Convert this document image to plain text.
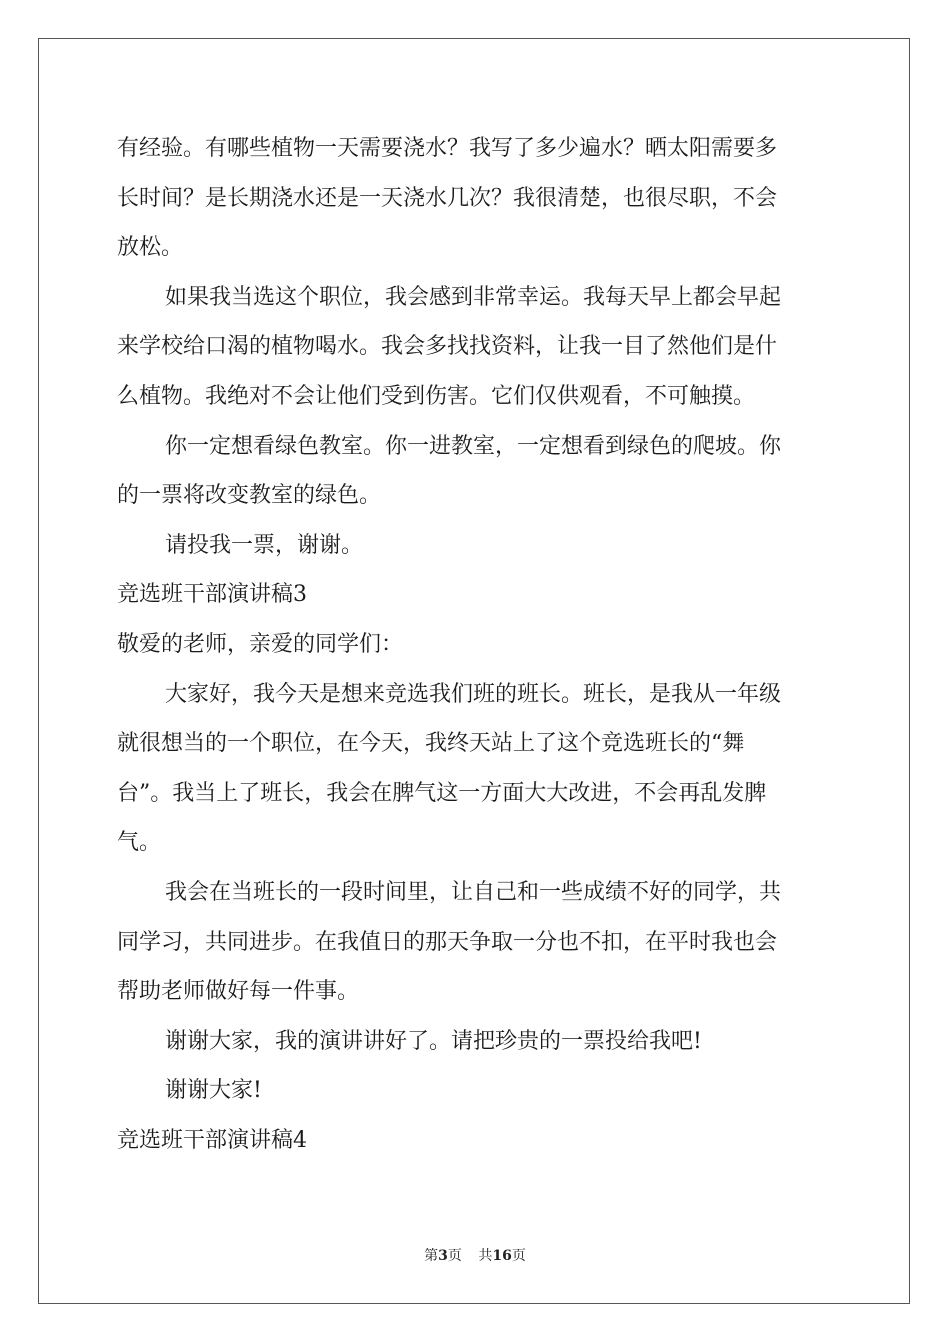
有经验。有哪些植物一天需要浇水？我写了多少遍水？晒太阳需要多
长时间？是长期浇水还是一天浇水几次？我很清楚，也很尽职，不会
放松。
如果我当选这个职位，我会感到非常幸运。我每天早上都会早起
来学校给口渴的植物喝水。我会多找找资料，让我一目了然他们是什
么植物。我绝对不会让他们受到伤害。它们仅供观看，不可触摸。
你一定想看绿色教室。你一进教室，一定想看到绿色的爬坡。你
的一票将改变教室的绿色。
请投我一票，谢谢。
竞选班干部演讲稿3
敬爱的老师，亲爱的同学们：
大家好，我今天是想来竞选我们班的班长。班长，是我从一年级
就很想当的一个职位，在今天，我终天站上了这个竞选班长的“舞
台”。我当上了班长，我会在脾气这一方面大大改进，不会再乱发脾
气。
我会在当班长的一段时间里，让自己和一些成绩不好的同学，共
同学习，共同进步。在我值日的那天争取一分也不扣，在平时我也会
帮助老师做好每一件事。
谢谢大家，我的演讲讲好了。请把珍贵的一票投给我吧!
谢谢大家!
竞选班干部演讲稿4
第3页 共16页
